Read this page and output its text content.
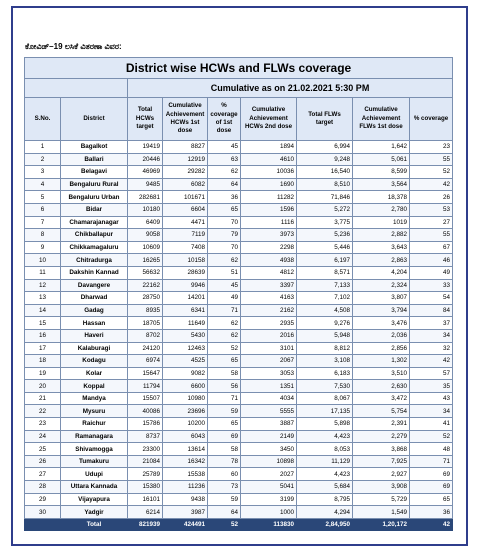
ಕೋವಿಡ್–19 ಲಸಿಕೆ ವಿತರಣಾ ವಿವರ:
District wise HCWs and FLWs coverage								
		Cumulative as on 21.02.2021 5:30 PM						
S.No.	District	Total HCWs target	Cumulative Achievement HCWs 1st dose	% coverage of 1st dose	Cumulative Achievement HCWs 2nd dose	Total FLWs target	Cumulative Achievement FLWs 1st dose	% coverage
1	Bagalkot	19419	8827	45	1894	6,994	1,642	23
2	Ballari	20446	12919	63	4610	9,248	5,061	55
3	Belagavi	46969	29282	62	10036	16,540	8,599	52
4	Bengaluru Rural	9485	6082	64	1690	8,510	3,564	42
5	Bengaluru Urban	282681	101671	36	11282	71,846	18,378	26
6	Bidar	10180	6604	65	1596	5,272	2,780	53
7	Chamarajanagar	6409	4471	70	1116	3,775	1019	27
8	Chikballapur	9058	7119	79	3973	5,236	2,882	55
9	Chikkamagaluru	10609	7408	70	2298	5,446	3,643	67
10	Chitradurga	16265	10158	62	4938	6,197	2,863	46
11	Dakshin Kannad	56632	28639	51	4812	8,571	4,204	49
12	Davangere	22162	9946	45	3397	7,133	2,324	33
13	Dharwad	28750	14201	49	4163	7,102	3,807	54
14	Gadag	8935	6341	71	2162	4,508	3,794	84
15	Hassan	18705	11649	62	2935	9,276	3,476	37
16	Haveri	8702	5430	62	2016	5,948	2,036	34
17	Kalaburagi	24120	12463	52	3101	8,812	2,856	32
18	Kodagu	6974	4525	65	2067	3,108	1,302	42
19	Kolar	15647	9082	58	3053	6,183	3,510	57
20	Koppal	11794	6600	56	1351	7,530	2,630	35
21	Mandya	15507	10980	71	4034	8,067	3,472	43
22	Mysuru	40086	23696	59	5555	17,135	5,754	34
23	Raichur	15786	10200	65	3887	5,898	2,391	41
24	Ramanagara	8737	6043	69	2149	4,423	2,279	52
25	Shivamogga	23300	13614	58	3450	8,053	3,868	48
26	Tumakuru	21084	16342	78	10898	11,129	7,925	71
27	Udupi	25789	15538	60	2027	4,423	2,927	69
28	Uttara Kannada	15380	11236	73	5041	5,684	3,908	69
29	Vijayapura	16101	9438	59	3199	8,795	5,729	65
30	Yadgir	6214	3987	64	1000	4,294	1,549	36
	Total	821939	424491	52	113830	2,84,950	1,20,172	42
